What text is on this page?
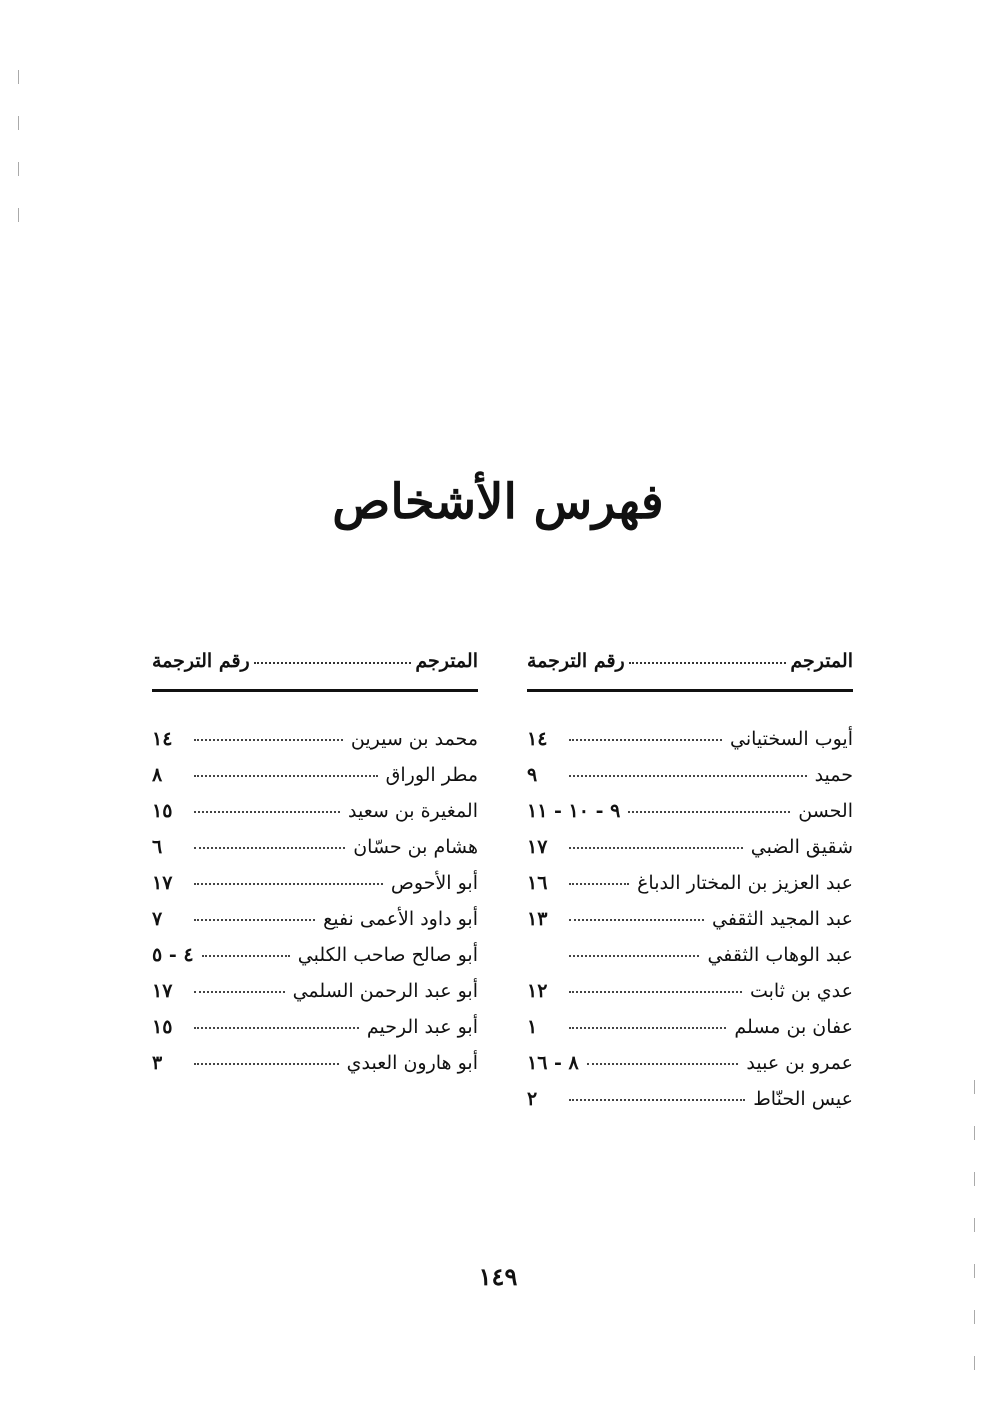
فهرس الأشخاص
المترجم
رقم الترجمة
أيوب السختياني
١٤
حميد
٩
الحسن
٩ - ١٠ - ١١
شقيق الضبي
١٧
عبد العزيز بن المختار الدباغ
١٦
عبد المجيد الثقفي
١٣
عبد الوهاب الثقفي
عدي بن ثابت
١٢
عفان بن مسلم
١
عمرو بن عبيد
٨ - ١٦
عيس الحنّاط
٢
المترجم
رقم الترجمة
محمد بن سيرين
١٤
مطر الوراق
٨
المغيرة بن سعيد
١٥
هشام بن حسّان
٦
أبو الأحوص
١٧
أبو داود الأعمى نفيع
٧
أبو صالح صاحب الكلبي
٤ - ٥
أبو عبد الرحمن السلمي
١٧
أبو عبد الرحيم
١٥
أبو هارون العبدي
٣
١٤٩
